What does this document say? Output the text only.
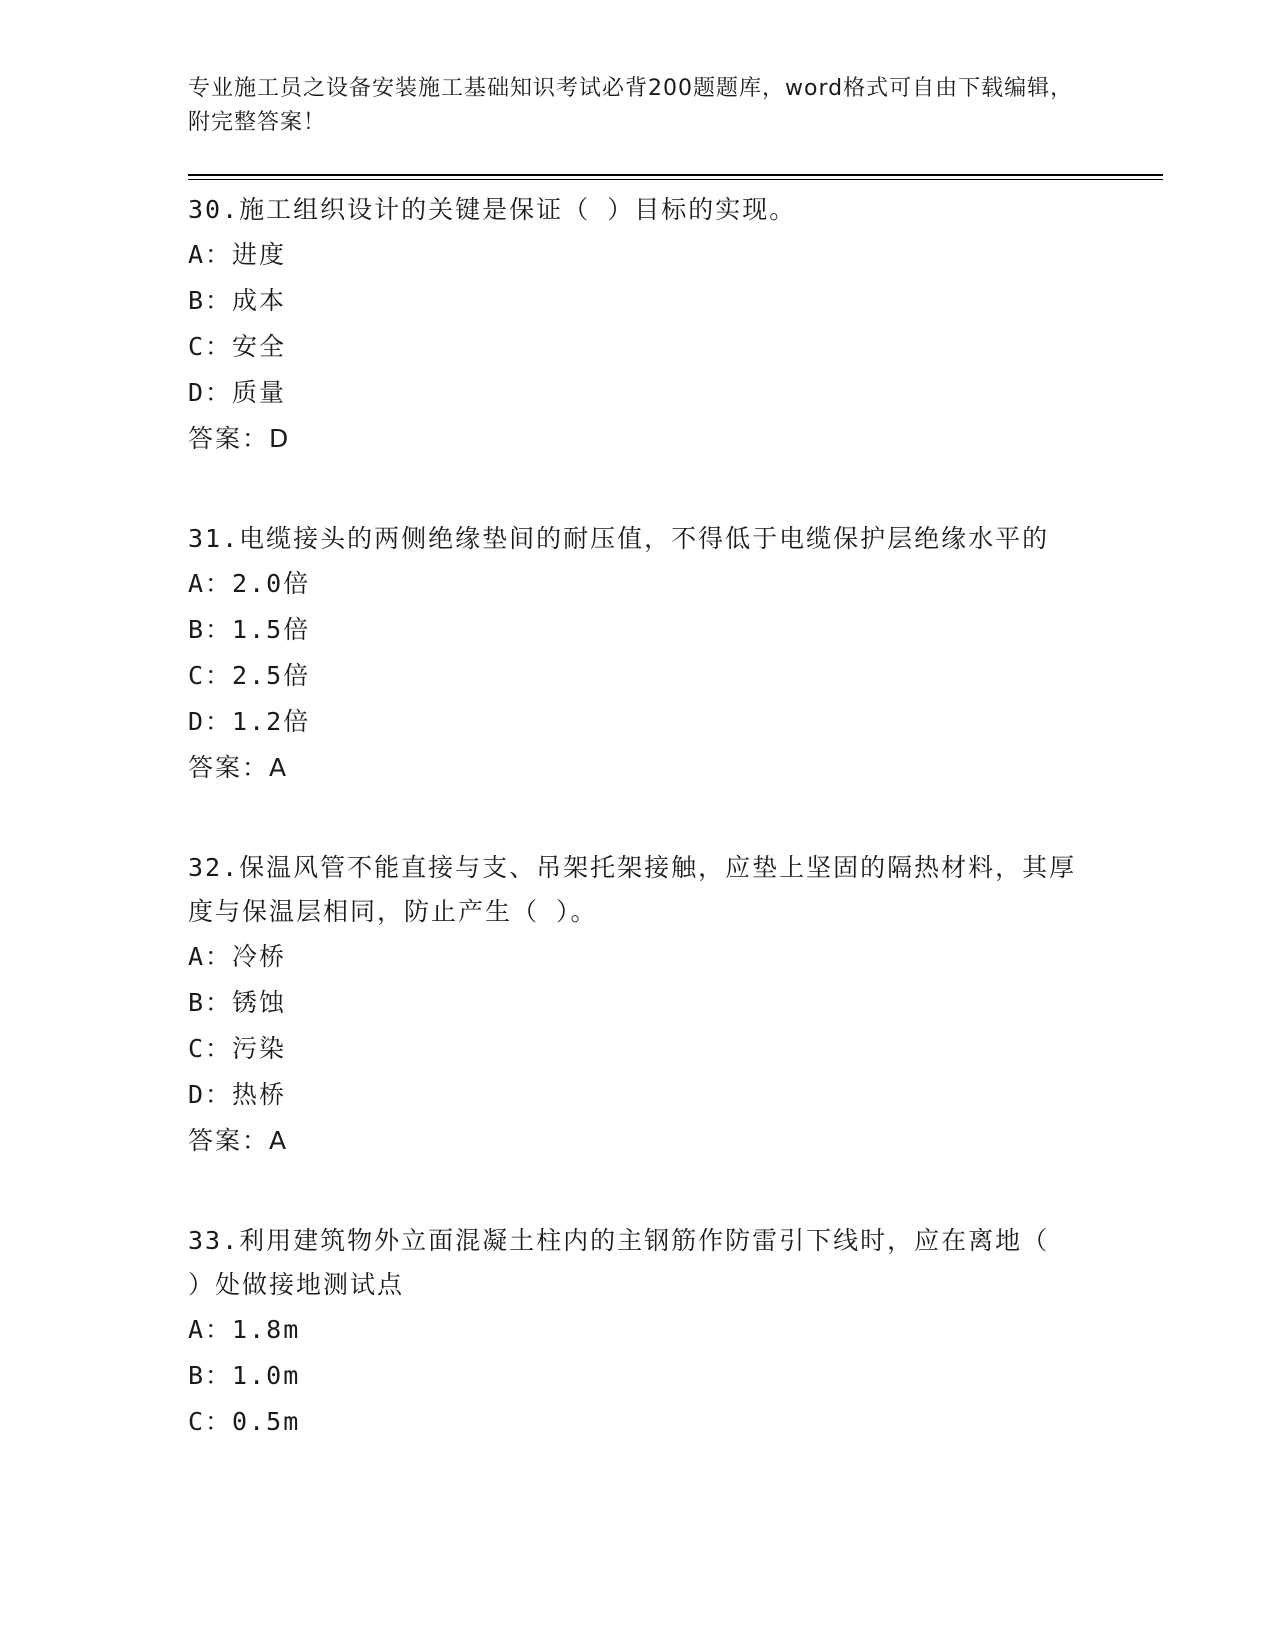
专业施工员之设备安装施工基础知识考试必背200题题库，word格式可自由下载编辑，附完整答案！

30.施工组织设计的关键是保证（ ）目标的实现。

A：进度

B：成本

C：安全

D：质量

答案：D

31.电缆接头的两侧绝缘垫间的耐压值，不得低于电缆保护层绝缘水平的

A：2.0倍

B：1.5倍

C：2.5倍

D：1.2倍

答案：A

32.保温风管不能直接与支、吊架托架接触，应垫上坚固的隔热材料，其厚度与保温层相同，防止产生（ ）。

A：冷桥

B：锈蚀

C：污染

D：热桥

答案：A

33.利用建筑物外立面混凝土柱内的主钢筋作防雷引下线时，应在离地（ ）处做接地测试点

A：1.8m

B：1.0m

C：0.5m
